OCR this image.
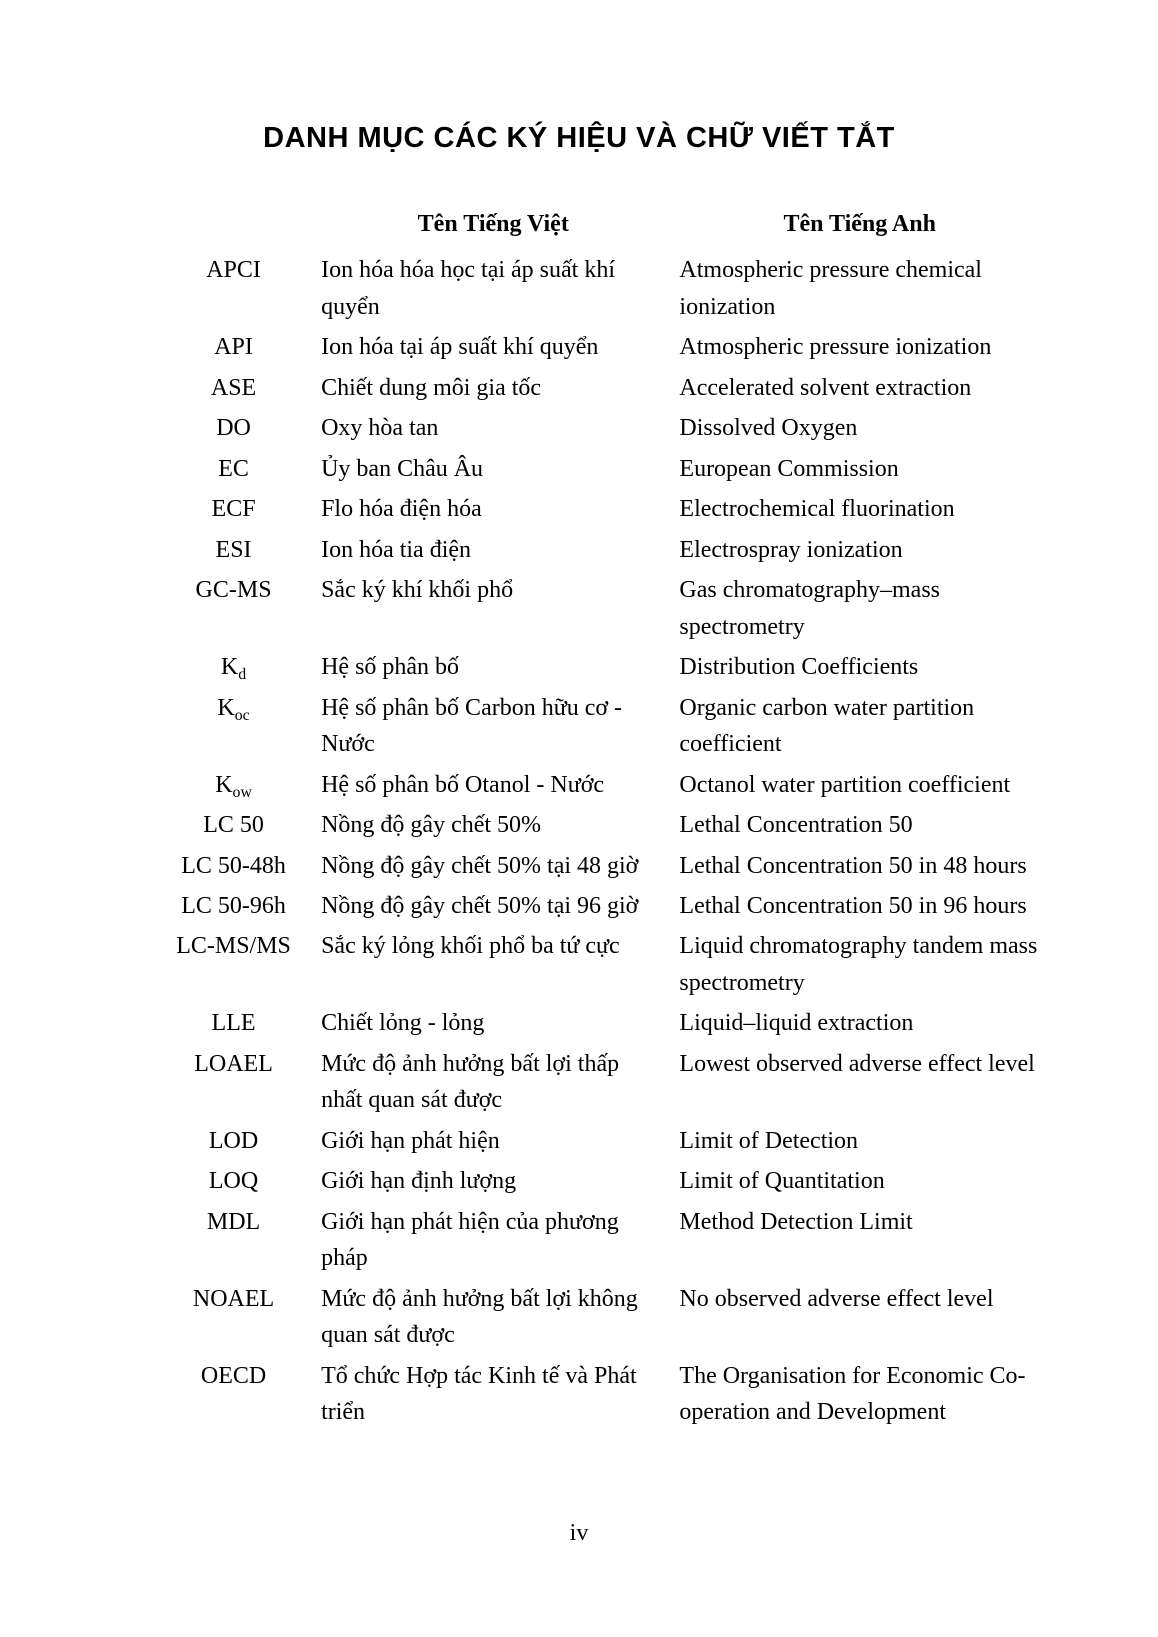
DANH MỤC CÁC KÝ HIỆU VÀ CHỮ VIẾT TẮT
	Tên Tiếng Việt	Tên Tiếng Anh
APCI	Ion hóa hóa học tại áp suất khí quyển	Atmospheric pressure chemical ionization
API	Ion hóa tại áp suất khí quyển	Atmospheric pressure ionization
ASE	Chiết dung môi gia tốc	Accelerated solvent extraction
DO	Oxy hòa tan	Dissolved Oxygen
EC	Ủy ban Châu Âu	European Commission
ECF	Flo hóa điện hóa	Electrochemical fluorination
ESI	Ion hóa tia điện	Electrospray ionization
GC-MS	Sắc ký khí khối phổ	Gas chromatography–mass spectrometry
$K_d$	Hệ số phân bố	Distribution Coefficients
$K_{oc}$	Hệ số phân bố Carbon hữu cơ - Nước	Organic carbon water partition coefficient
$K_{ow}$	Hệ số phân bố Otanol - Nước	Octanol water partition coefficient
LC 50	Nồng độ gây chết 50%	Lethal Concentration 50
LC 50-48h	Nồng độ gây chết 50% tại 48 giờ	Lethal Concentration 50 in 48 hours
LC 50-96h	Nồng độ gây chết 50% tại 96 giờ	Lethal Concentration 50 in 96 hours
LC-MS/MS	Sắc ký lỏng khối phổ ba tứ cực	Liquid chromatography tandem mass spectrometry
LLE	Chiết lỏng - lỏng	Liquid–liquid extraction
LOAEL	Mức độ ảnh hưởng bất lợi thấp nhất quan sát được	Lowest observed adverse effect level
LOD	Giới hạn phát hiện	Limit of Detection
LOQ	Giới hạn định lượng	Limit of Quantitation
MDL	Giới hạn phát hiện của phương pháp	Method Detection Limit
NOAEL	Mức độ ảnh hưởng bất lợi không quan sát được	No observed adverse effect level
OECD	Tổ chức Hợp tác Kinh tế và Phát triển	The Organisation for Economic Co-operation and Development
iv
